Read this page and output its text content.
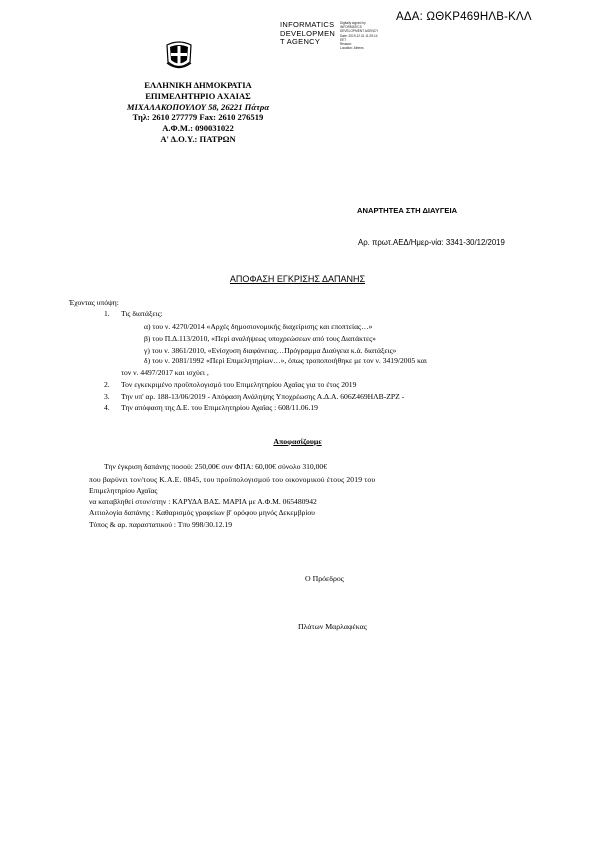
ΑΔΑ: ΩΘΚΡ469ΗΛΒ-ΚΛΛ
INFORMATICS
DEVELOPMEN
T AGENCY
Digitally signed by
INFORMATICS
DEVELOPMENT AGENCY
Date: 2019.12.31 11:29:14
EET
Reason:
Location: Athens
ΕΛΛΗΝΙΚΗ ΔΗΜΟΚΡΑΤΙΑ
ΕΠΙΜΕΛΗΤΗΡΙΟ ΑΧΑΙΑΣ
ΜΙΧΑΛΑΚΟΠΟΥΛΟΥ 58, 26221 Πάτρα
Τηλ: 2610 277779 Fax: 2610 276519
Α.Φ.Μ.: 090031022
Α' Δ.Ο.Υ.: ΠΑΤΡΩΝ
ΑΝΑΡΤΗΤΕΑ ΣΤΗ ΔΙΑΥΓΕΙΑ
Αρ. πρωτ.ΑΕΔ/Ημερ-νία: 3341-30/12/2019
ΑΠΟΦΑΣΗ ΕΓΚΡΙΣΗΣ ΔΑΠΑΝΗΣ
Έχοντας υπόψη:
1. Τις διατάξεις:
α) του ν. 4270/2014 «Αρχές δημοσιονομικής διαχείρισης και εποπτείας…»
β) του Π.Δ.113/2010, «Περί αναλήψεως υποχρεώσεων από τους Διατάκτες»
γ) του ν. 3861/2010, «Ενίσχυση διαφάνειας…Πρόγραμμα Διαύγεια κ.ά. διατάξεις»
δ) του ν. 2081/1992 «Περί Επιμελητηρίων…», όπως τροποποιήθηκε με τον ν. 3419/2005 και
τον ν. 4497/2017 και ισχύει ,
2. Τον εγκεκριμένο προϋπολογισμό του Επιμελητηρίου Αχαΐας για το έτος 2019
3. Την υπ' αρ. 188-13/06/2019 - Απόφαση Ανάληψης Υποχρέωσης Α.Δ.Α. 606Ζ469ΗΛΒ-ΖΡΖ -
4. Την απόφαση της Δ.Ε. του Επιμελητηρίου Αχαΐας : 608/11.06.19
Αποφασίζουμε
Την έγκριση δαπάνης ποσού: 250,00€ συν ΦΠΑ: 60,00€ σύνολο 310,00€
που βαρύνει τον/τους Κ.Α.Ε. 0845, του προϋπολογισμού του οικονομικού έτους 2019 του
Επιμελητηρίου Αχαΐας
να καταβληθεί στον/στην : ΚΑΡΥΔΑ ΒΑΣ. ΜΑΡΙΑ με Α.Φ.Μ. 065480942
Αιτιολογία δαπάνης : Καθαρισμός γραφείων β' ορόφου μηνός Δεκεμβρίου
Τύπος & αρ. παραστατικού : Τπυ 998/30.12.19
Ο Πρόεδρος
Πλάτων Μαρλαφέκας
